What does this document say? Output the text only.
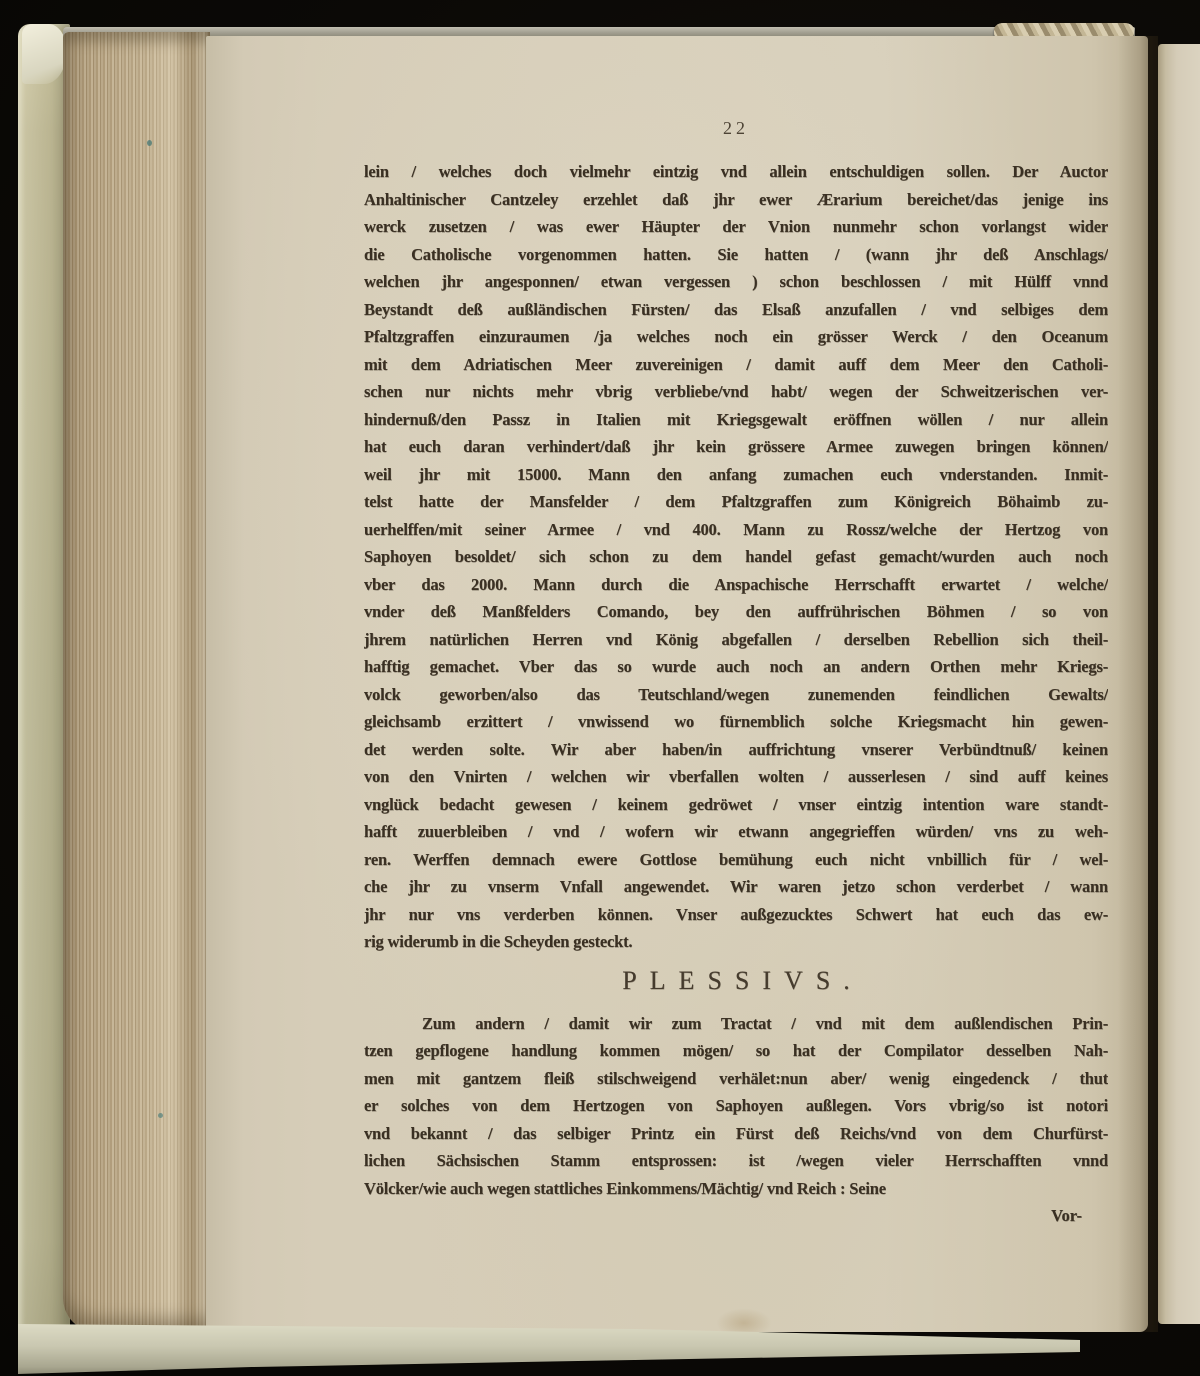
22
lein / welches doch vielmehr eintzig vnd allein entschuldigen sollen. Der Auctor
Anhaltinischer Cantzeley erzehlet daß jhr ewer Ærarium bereichet/das jenige ins
werck zusetzen / was ewer Häupter der Vnion nunmehr schon vorlangst wider
die Catholische vorgenommen hatten. Sie hatten / (wann jhr deß Anschlags/
welchen jhr angesponnen/ etwan vergessen ) schon beschlossen / mit Hülff vnnd
Beystandt deß außländischen Fürsten/ das Elsaß anzufallen / vnd selbiges dem
Pfaltzgraffen einzuraumen /ja welches noch ein grösser Werck / den Oceanum
mit dem Adriatischen Meer zuvereinigen / damit auff dem Meer den Catholi-
schen nur nichts mehr vbrig verbliebe/vnd habt/ wegen der Schweitzerischen ver-
hindernuß/den Passz in Italien mit Kriegsgewalt eröffnen wöllen / nur allein
hat euch daran verhindert/daß jhr kein grössere Armee zuwegen bringen können/
weil jhr mit 15000. Mann den anfang zumachen euch vnderstanden. Inmit-
telst hatte der Mansfelder / dem Pfaltzgraffen zum Königreich Böhaimb zu-
uerhelffen/mit seiner Armee / vnd 400. Mann zu Rossz/welche der Hertzog von
Saphoyen besoldet/ sich schon zu dem handel gefast gemacht/wurden auch noch
vber das 2000. Mann durch die Anspachische Herrschafft erwartet / welche/
vnder deß Manßfelders Comando, bey den auffrührischen Böhmen / so von
jhrem natürlichen Herren vnd König abgefallen / derselben Rebellion sich theil-
hafftig gemachet. Vber das so wurde auch noch an andern Orthen mehr Kriegs-
volck geworben/also das Teutschland/wegen zunemenden feindlichen Gewalts/
gleichsamb erzittert / vnwissend wo fürnemblich solche Kriegsmacht hin gewen-
det werden solte. Wir aber haben/in auffrichtung vnserer Verbündtnuß/ keinen
von den Vnirten / welchen wir vberfallen wolten / ausserlesen / sind auff keines
vnglück bedacht gewesen / keinem gedröwet / vnser eintzig intention ware standt-
hafft zuuerbleiben / vnd / wofern wir etwann angegrieffen würden/ vns zu weh-
ren. Werffen demnach ewere Gottlose bemühung euch nicht vnbillich für / wel-
che jhr zu vnserm Vnfall angewendet. Wir waren jetzo schon verderbet / wann
jhr nur vns verderben können. Vnser außgezucktes Schwert hat euch das ew-
rig widerumb in die Scheyden gesteckt.
PLESSIVS.
Zum andern / damit wir zum Tractat / vnd mit dem außlendischen Prin-
tzen gepflogene handlung kommen mögen/ so hat der Compilator desselben Nah-
men mit gantzem fleiß stilschweigend verhälet:nun aber/ wenig eingedenck / thut
er solches von dem Hertzogen von Saphoyen außlegen. Vors vbrig/so ist notori
vnd bekannt / das selbiger Printz ein Fürst deß Reichs/vnd von dem Churfürst-
lichen Sächsischen Stamm entsprossen: ist /wegen vieler Herrschafften vnnd
Völcker/wie auch wegen stattliches Einkommens/Mächtig/ vnd Reich : Seine
Vor-
